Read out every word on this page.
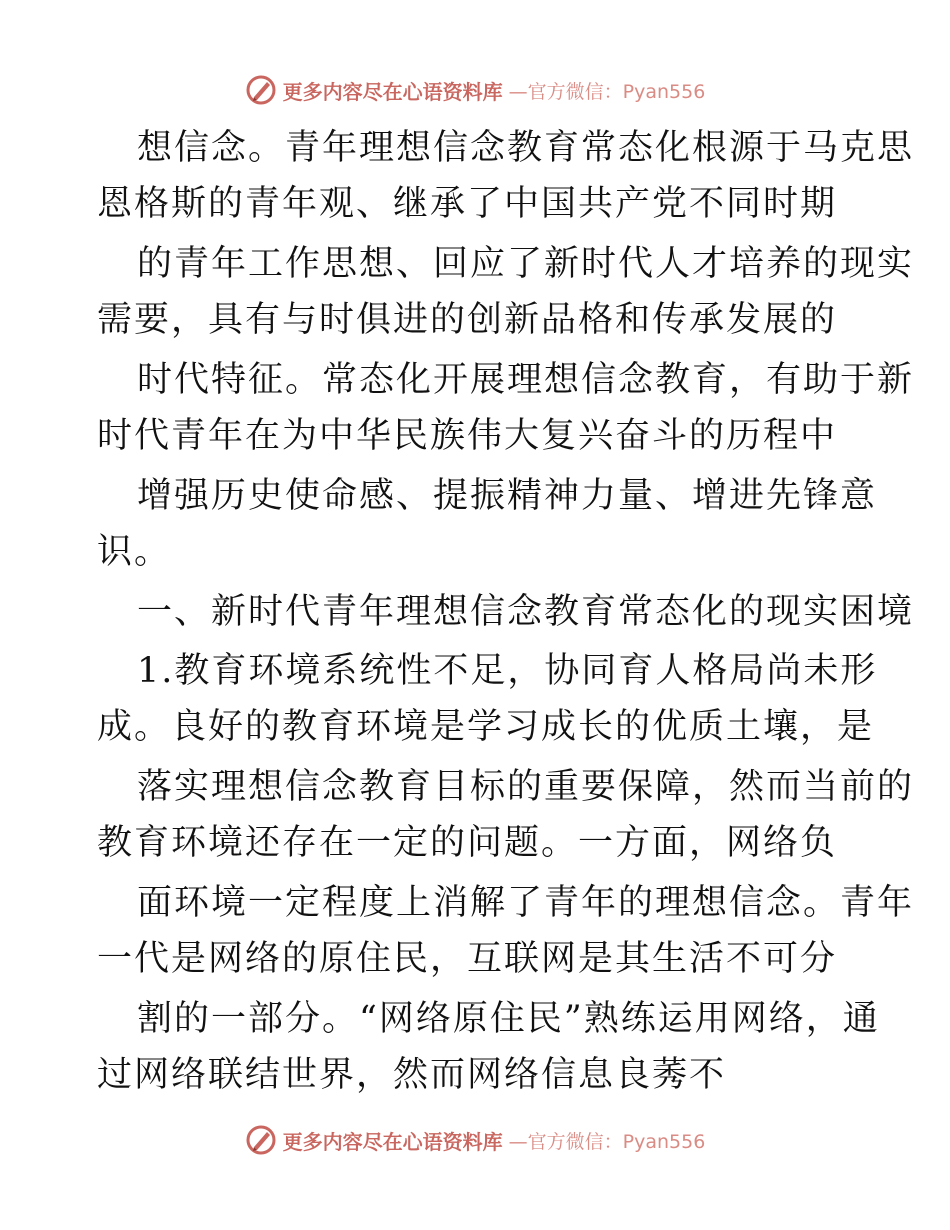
更多内容尽在心语资料库 —官方微信：Pyan556
想信念。青年理想信念教育常态化根源于马克思
恩格斯的青年观、继承了中国共产党不同时期
的青年工作思想、回应了新时代人才培养的现实
需要，具有与时俱进的创新品格和传承发展的
时代特征。常态化开展理想信念教育，有助于新
时代青年在为中华民族伟大复兴奋斗的历程中
增强历史使命感、提振精神力量、增进先锋意
识。
一、新时代青年理想信念教育常态化的现实困境
1.教育环境系统性不足，协同育人格局尚未形
成。良好的教育环境是学习成长的优质土壤，是
落实理想信念教育目标的重要保障，然而当前的
教育环境还存在一定的问题。一方面，网络负
面环境一定程度上消解了青年的理想信念。青年
一代是网络的原住民，互联网是其生活不可分
割的一部分。“网络原住民”熟练运用网络，通
过网络联结世界，然而网络信息良莠不
更多内容尽在心语资料库 —官方微信：Pyan556
